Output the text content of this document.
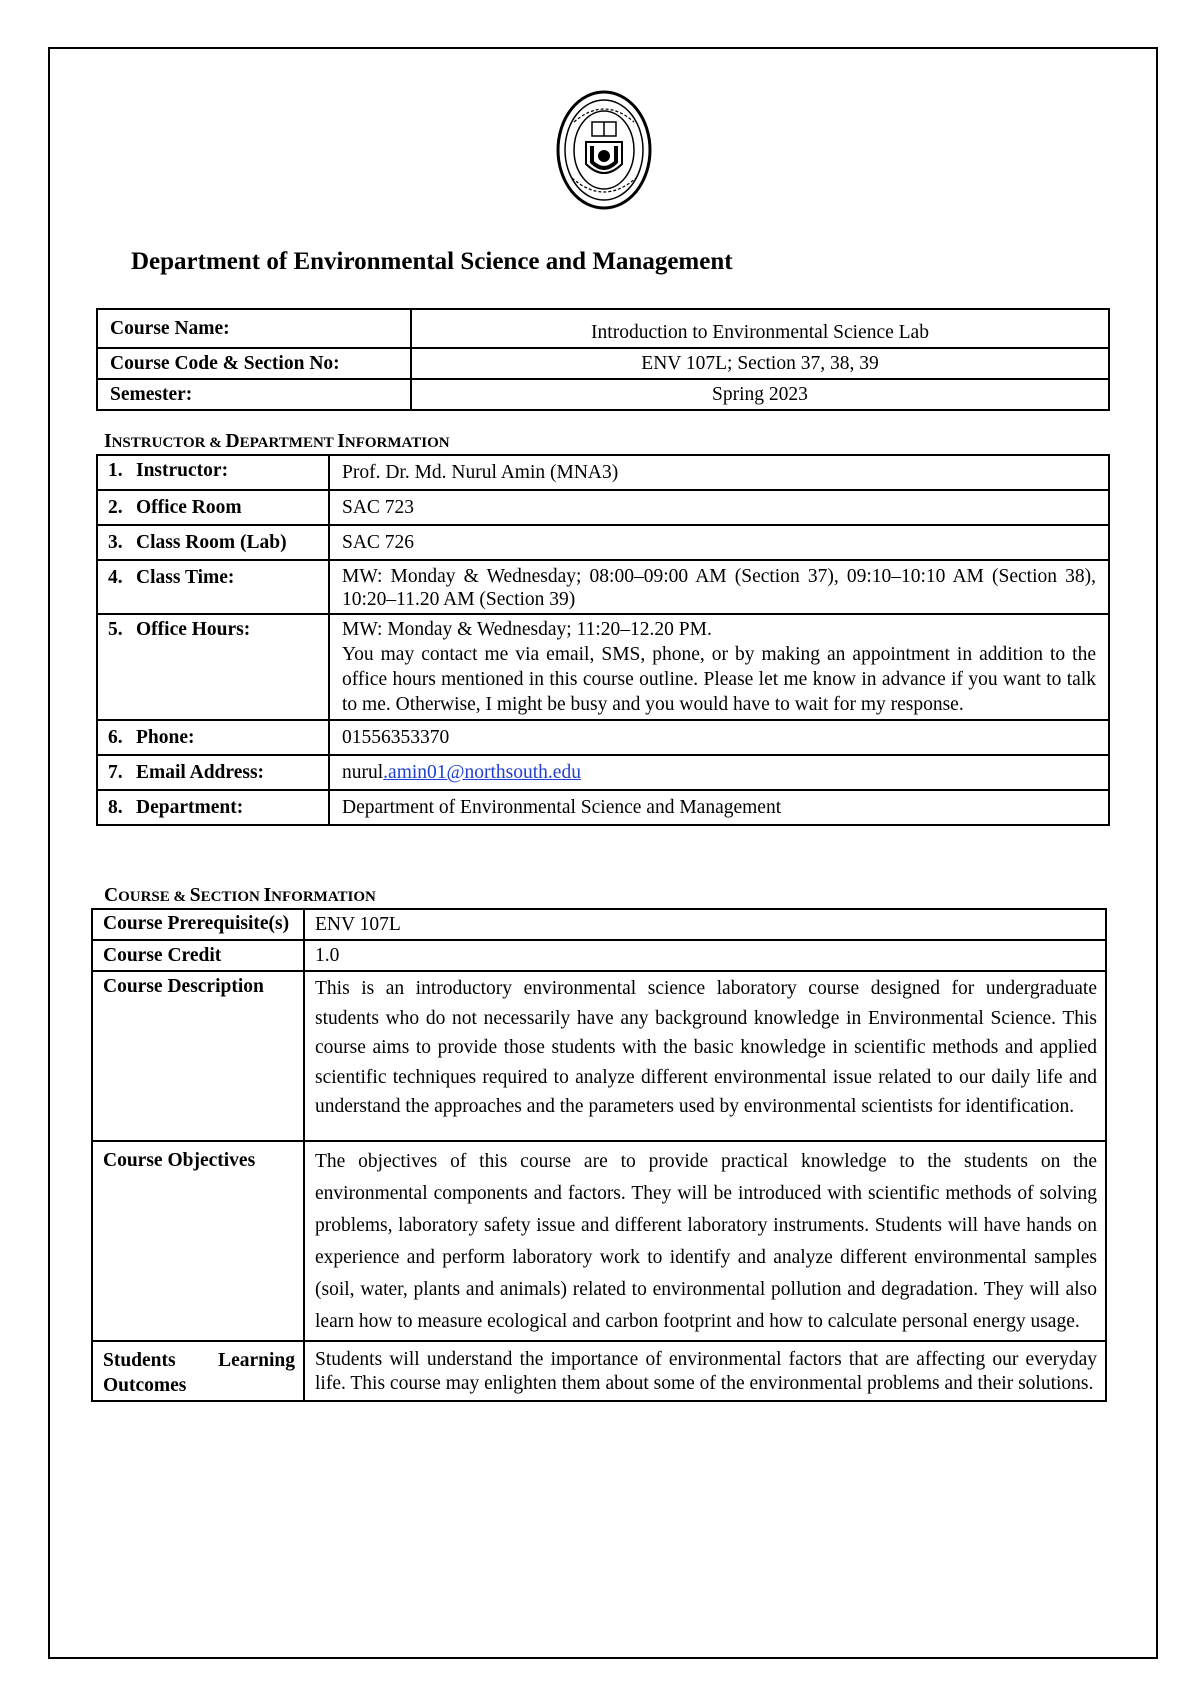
Department of Environmental Science and Management
Course Name:	Introduction to Environmental Science Lab
Course Code & Section No:	ENV 107L; Section 37, 38, 39
Semester:	Spring 2023

INSTRUCTOR & DEPARTMENT INFORMATION

1. Instructor:	Prof. Dr. Md. Nurul Amin (MNA3)
2. Office Room	SAC 723
3. Class Room (Lab)	SAC 726
4. Class Time:	MW: Monday & Wednesday; 08:00–09:00 AM (Section 37), 09:10–10:10 AM (Section 38), 10:20–11.20 AM (Section 39)
5. Office Hours:	MW: Monday & Wednesday; 11:20–12.20 PM.
You may contact me via email, SMS, phone, or by making an appointment in addition to the office hours mentioned in this course outline. Please let me know in advance if you want to talk to me. Otherwise, I might be busy and you would have to wait for my response.

6. Phone:	01556353370
7. Email Address:	nurul.amin01@northsouth.edu
8. Department:	Department of Environmental Science and Management

COURSE & SECTION INFORMATION

Course Prerequisite(s)	ENV 107L
Course Credit	1.0
Course Description	This is an introductory environmental science laboratory course designed for undergraduate students who do not necessarily have any background knowledge in Environmental Science. This course aims to provide those students with the basic knowledge in scientific methods and applied scientific techniques required to analyze different environmental issue related to our daily life and understand the approaches and the parameters used by environmental scientists for identification.
Course Objectives	The objectives of this course are to provide practical knowledge to the students on the environmental components and factors. They will be introduced with scientific methods of solving problems, laboratory safety issue and different laboratory instruments. Students will have hands on experience and perform laboratory work to identify and analyze different environmental samples (soil, water, plants and animals) related to environmental pollution and degradation. They will also learn how to measure ecological and carbon footprint and how to calculate personal energy usage.
Students Learning Outcomes	Students will understand the importance of environmental factors that are affecting our everyday life. This course may enlighten them about some of the environmental problems and their solutions.
